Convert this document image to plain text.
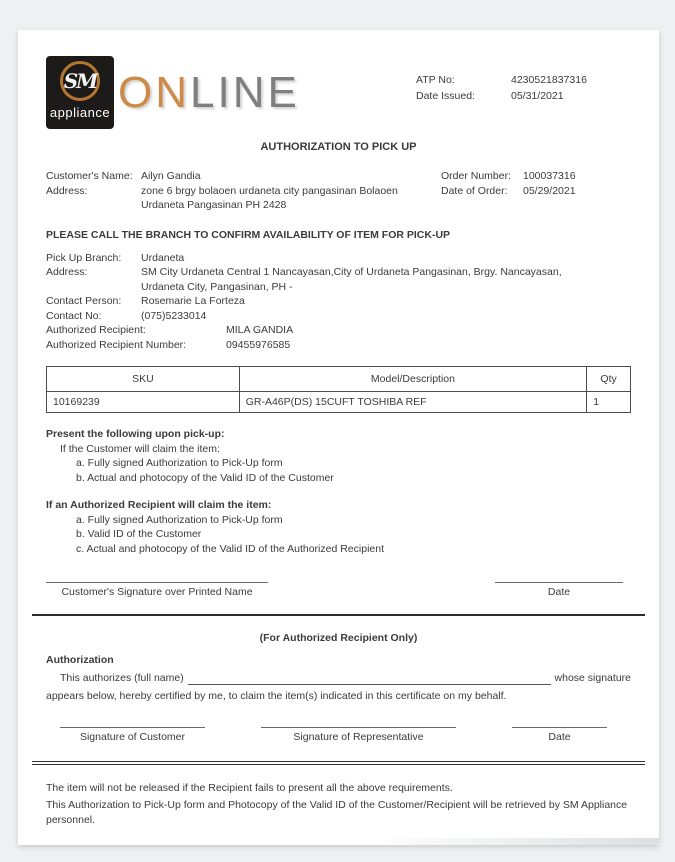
SM
appliance ONLINE	ATP No:	4230521837316
Date Issued:	05/31/2021
AUTHORIZATION TO PICK UP
Customer's Name: Ailyn Gandia
Address:	zone 6 brgy bolaoen urdaneta city pangasinan Bolaoen
Urdaneta Pangasinan PH 2428
Order Number:	100037316
Date of Order:	05/29/2021
PLEASE CALL THE BRANCH TO CONFIRM AVAILABILITY OF ITEM FOR PICK-UP
Pick Up Branch:	Urdaneta
Address:	SM City Urdaneta Central 1 Nancayasan,City of Urdaneta Pangasinan, Brgy. Nancayasan,
Urdaneta City, Pangasinan, PH -
Contact Person:	Rosemarie La Forteza
Contact No:	(075)5233014
Authorized Recipient:	MILA GANDIA
Authorized Recipient Number:	09455976585
SKU	Model/Description	Qty
10169239	GR-A46P(DS) 15CUFT TOSHIBA REF	1
Present the following upon pick-up:
If the Customer will claim the item:
a. Fully signed Authorization to Pick-Up form
b. Actual and photocopy of the Valid ID of the Customer
If an Authorized Recipient will claim the item:
a. Fully signed Authorization to Pick-Up form
b. Valid ID of the Customer
c. Actual and photocopy of the Valid ID of the Authorized Recipient
Customer's Signature over Printed Name	Date
(For Authorized Recipient Only)
Authorization
This authorizes (full name)	whose signature
appears below, hereby certified by me, to claim the item(s) indicated in this certificate on my behalf.
Signature of Customer	Signature of Representative	Date

The item will not be released if the Recipient fails to present all the above requirements.

This Authorization to Pick-Up form and Photocopy of the Valid ID of the Customer/Recipient will be retrieved by SM Appliance personnel.
